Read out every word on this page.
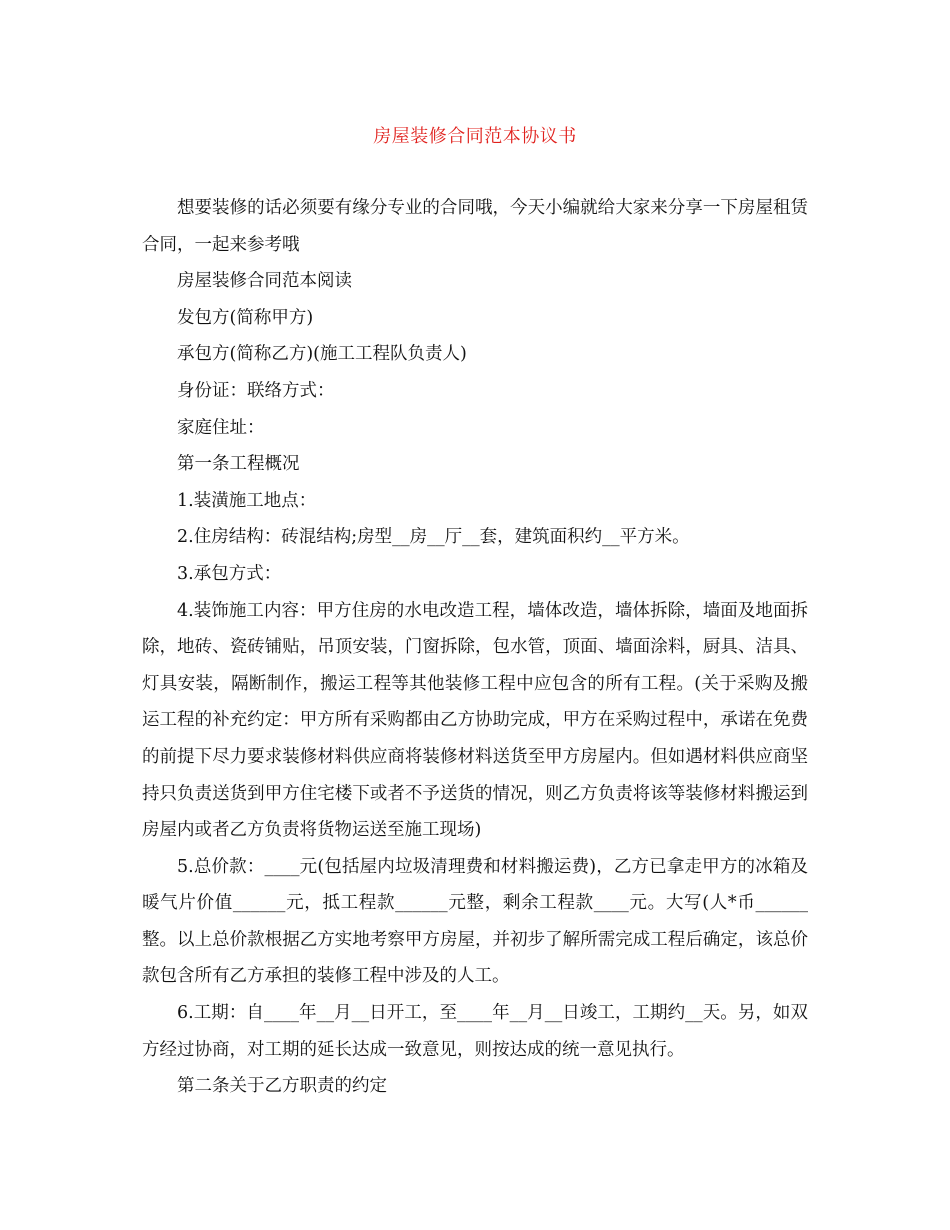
房屋装修合同范本协议书

想要装修的话必须要有缘分专业的合同哦，今天小编就给大家来分享一下房屋租赁合同，一起来参考哦

房屋装修合同范本阅读

发包方(简称甲方)

承包方(简称乙方)(施工工程队负责人)

身份证：联络方式：

家庭住址：

第一条工程概况

1.装潢施工地点：

2.住房结构：砖混结构;房型__房__厅__套，建筑面积约__平方米。

3.承包方式：

4.装饰施工内容：甲方住房的水电改造工程，墙体改造，墙体拆除，墙面及地面拆除，地砖、瓷砖铺贴，吊顶安装，门窗拆除，包水管，顶面、墙面涂料，厨具、洁具、灯具安装，隔断制作，搬运工程等其他装修工程中应包含的所有工程。(关于采购及搬运工程的补充约定：甲方所有采购都由乙方协助完成，甲方在采购过程中，承诺在免费的前提下尽力要求装修材料供应商将装修材料送货至甲方房屋内。但如遇材料供应商坚持只负责送货到甲方住宅楼下或者不予送货的情况，则乙方负责将该等装修材料搬运到房屋内或者乙方负责将货物运送至施工现场)

5.总价款：____元(包括屋内垃圾清理费和材料搬运费)，乙方已拿走甲方的冰箱及暖气片价值______元，抵工程款______元整，剩余工程款____元。大写(人*币______整。以上总价款根据乙方实地考察甲方房屋，并初步了解所需完成工程后确定，该总价款包含所有乙方承担的装修工程中涉及的人工。

6.工期：自____年__月__日开工，至____年__月__日竣工，工期约__天。另，如双方经过协商，对工期的延长达成一致意见，则按达成的统一意见执行。

第二条关于乙方职责的约定
